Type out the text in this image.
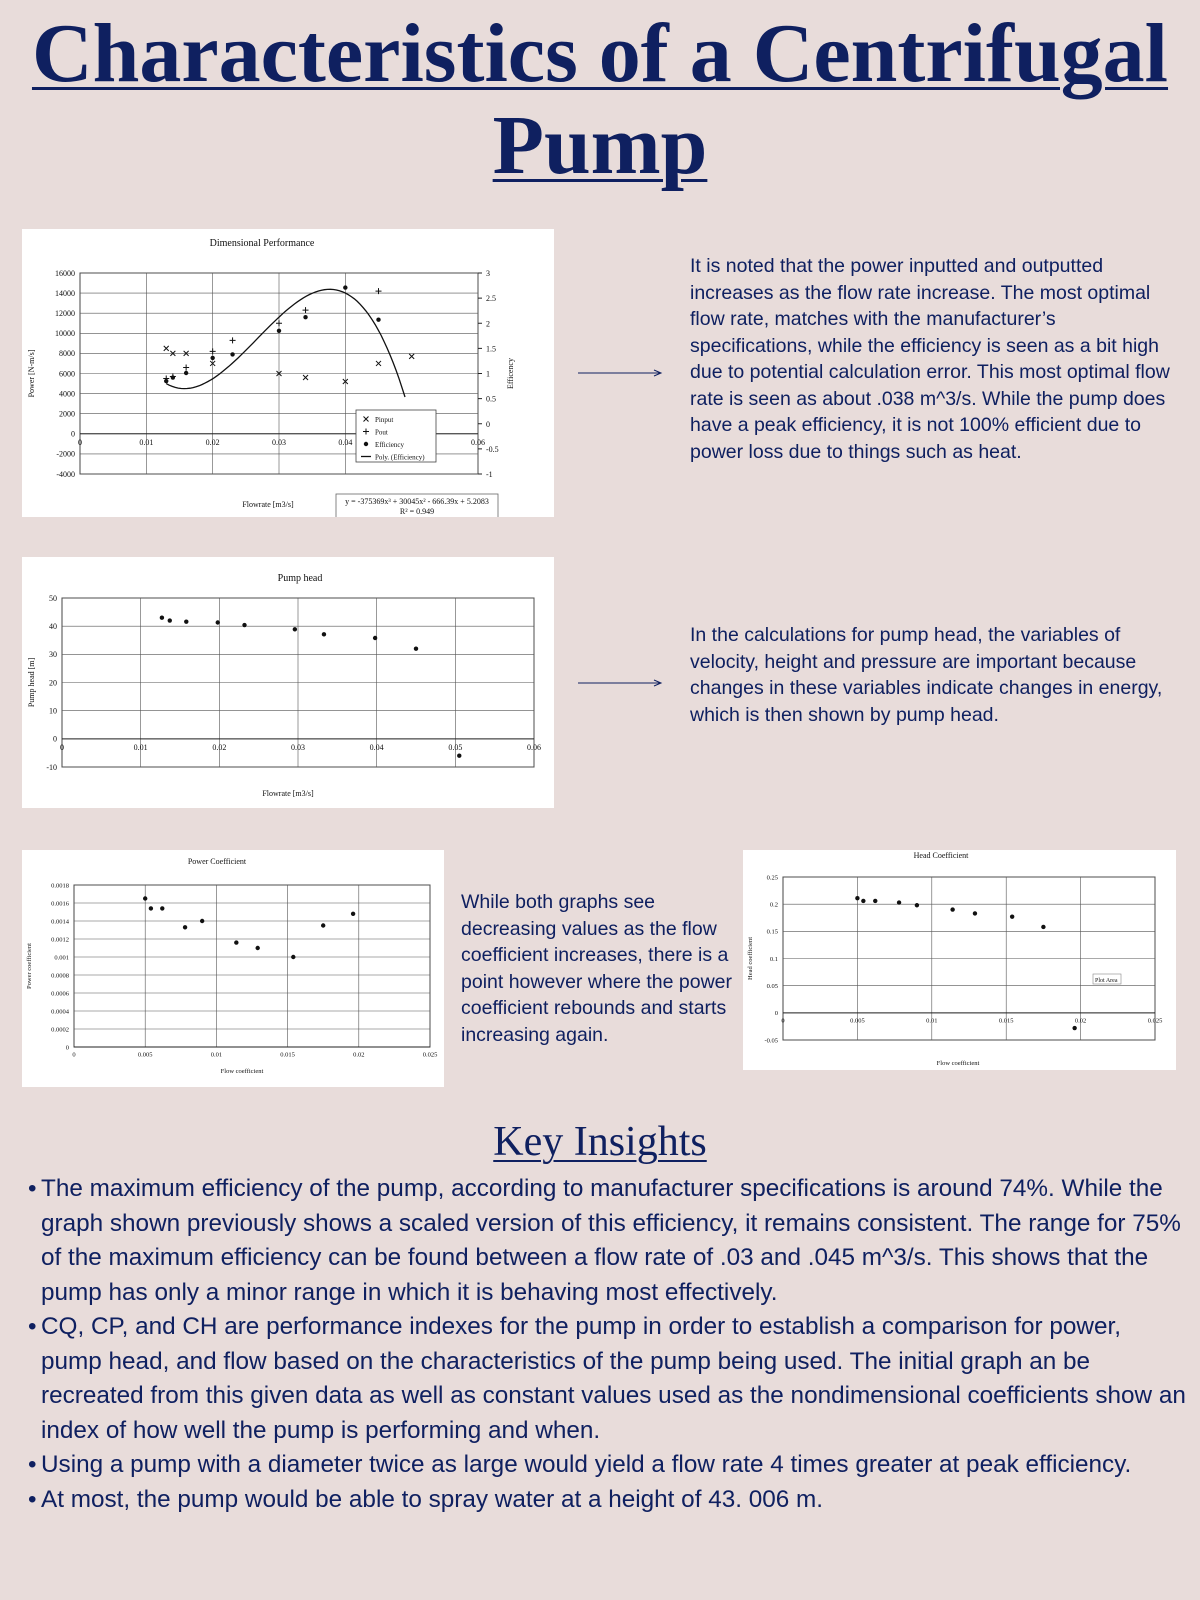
Characteristics of a Centrifugal
Pump
16000
14000
12000
10000
8000
6000
4000
2000
0
-2000
-4000
0	0.01	0.02	0.03	0.04	0.06
Dimensional Performance
Flowrate [m3/s]
Power [N-m/s]
3
2.5
2
1.5
1
0.5
0
-0.5
-1
Efficency
Pinput
Pout
Efficiency
Poly. (Efficiency)
y = -375369x³ + 30045x² - 666.39x + 5.2083
R² = 0.949
50
40
30
20
10
0
-10
0	0.01	0.02	0.03	0.04	0.05	0.06
Pump head
Flowrate [m3/s]
Pump head [m]
0.0018
0.0016
0.0014
0.0012
0.001
0.0008
0.0006
0.0004
0.0002
0
0	0.005	0.01	0.015	0.02	0.025
Power Coefficient
Flow coefficient
Power coefficient
0.25
0.2
0.15
0.1
0.05
0
-0.05
0	0.005	0.01	0.015	0.02	0.025
Head Coefficient
Flow coefficient
Head coefficient
Plot Area
It is noted that the power inputted and outputted increases as the flow rate increase. The most optimal flow rate, matches with the manufacturer’s specifications, while the efficiency is seen as a bit high due to potential calculation error. This most optimal flow rate is seen as about .038 m^3/s. While the pump does have a peak efficiency, it is not 100% efficient due to power loss due to things such as heat.
In the calculations for pump head, the variables of velocity, height and pressure are important because changes in these variables indicate changes in energy, which is then shown by pump head.
While both graphs see decreasing values as the flow coefficient increases, there is a point however where the power coefficient rebounds and starts increasing again.
Key Insights
• The maximum efficiency of the pump, according to manufacturer specifications is around 74%. While the graph shown previously shows a scaled version of this efficiency, it remains consistent. The range for 75% of the maximum efficiency can be found between a flow rate of .03 and .045 m^3/s. This shows that the pump has only a minor range in which it is behaving most effectively.
• CQ, CP, and CH are performance indexes for the pump in order to establish a comparison for power, pump head, and flow based on the characteristics of the pump being used. The initial graph an be recreated from this given data as well as constant values used as the nondimensional coefficients show an index of how well the pump is performing and when.
• Using a pump with a diameter twice as large would yield a flow rate 4 times greater at peak efficiency.
• At most, the pump would be able to spray water at a height of 43. 006 m.
